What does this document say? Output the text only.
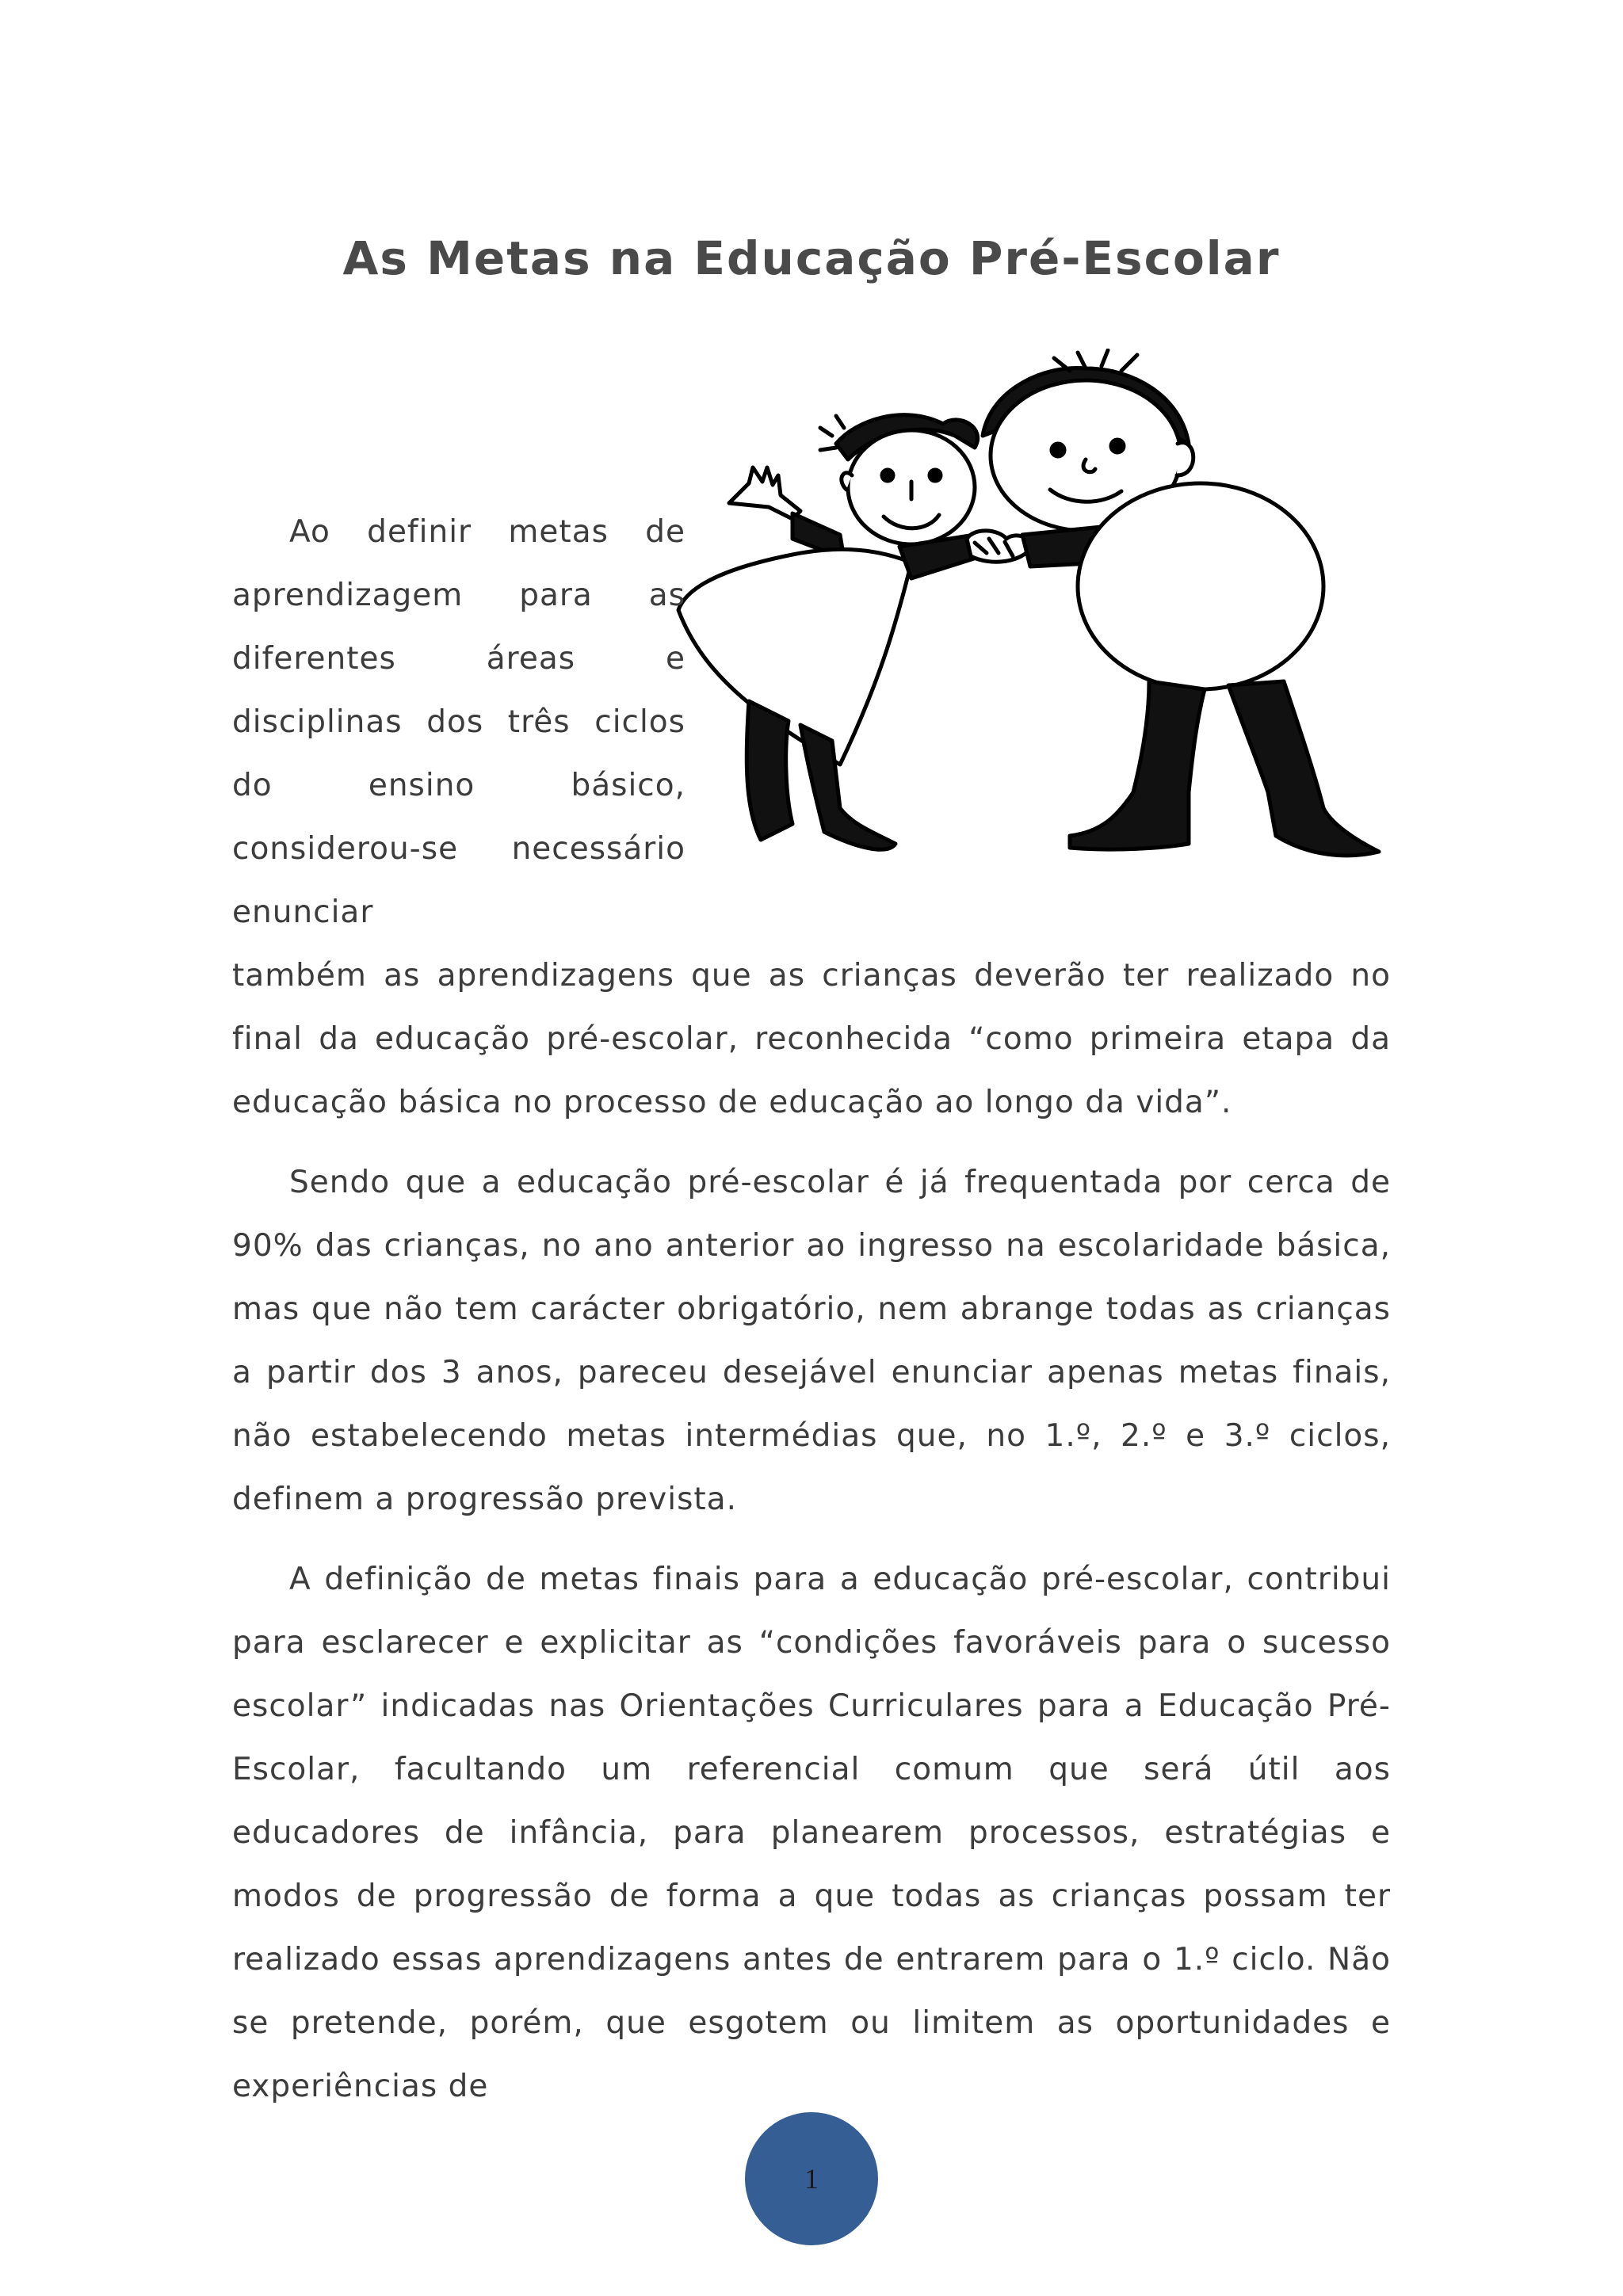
As Metas na Educação Pré-Escolar

Ao definir metas de aprendizagem para as diferentes áreas e disciplinas dos três ciclos do ensino básico, considerou-se necessário enunciar

também as aprendizagens que as crianças deverão ter realizado no final da educação pré-escolar, reconhecida “como primeira etapa da educação básica no processo de educação ao longo da vida”.

Sendo que a educação pré-escolar é já frequentada por cerca de 90% das crianças, no ano anterior ao ingresso na escolaridade básica, mas que não tem carácter obrigatório, nem abrange todas as crianças a partir dos 3 anos, pareceu desejável enunciar apenas metas finais, não estabelecendo metas intermédias que, no 1.º, 2.º e 3.º ciclos, definem a progressão prevista.

A definição de metas finais para a educação pré-escolar, contribui para esclarecer e explicitar as “condições favoráveis para o sucesso escolar” indicadas nas Orientações Curriculares para a Educação Pré-Escolar, facultando um referencial comum que será útil aos educadores de infância, para planearem processos, estratégias e modos de progressão de forma a que todas as crianças possam ter realizado essas aprendizagens antes de entrarem para o 1.º ciclo. Não se pretende, porém, que esgotem ou limitem as oportunidades e experiências de

1
